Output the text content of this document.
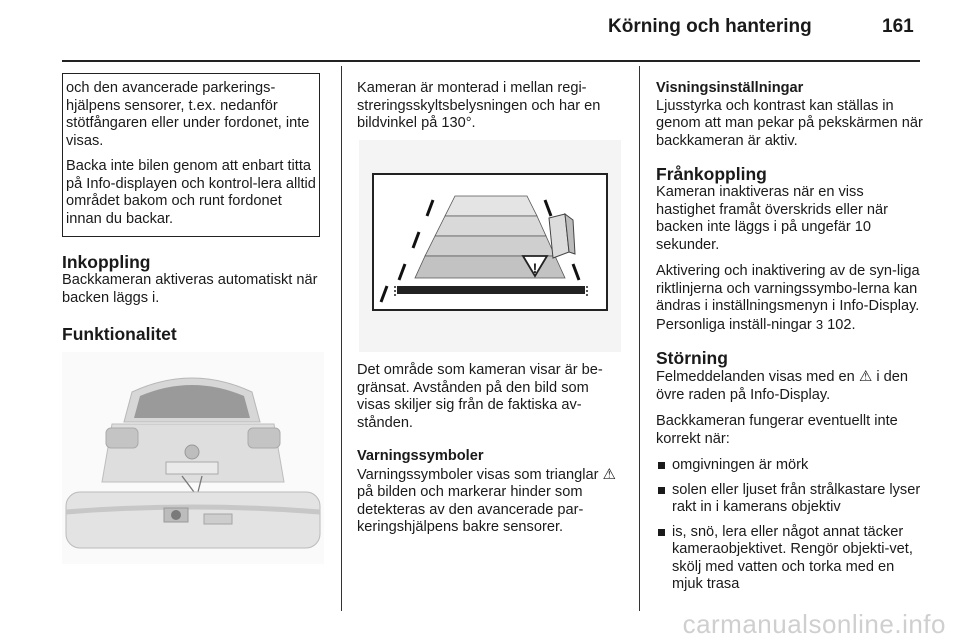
Körning och hantering	161

och den avancerade parkerings-hjälpens sensorer, t.ex. nedanför stötfångaren eller under fordonet, inte visas.

Backa inte bilen genom att enbart titta på Info-displayen och kontrol-lera alltid området bakom och runt fordonet innan du backar.

Inkoppling

Backkameran aktiveras automatiskt när backen läggs i.

Funktionalitet

Kameran är monterad i mellan regi-streringsskyltsbelysningen och har en bildvinkel på 130°.

!

Det område som kameran visar är be-gränsat. Avstånden på den bild som visas skiljer sig från de faktiska av-stånden.

Varningssymboler

Varningssymboler visas som trianglar ⚠ på bilden och markerar hinder som detekteras av den avancerade par-keringshjälpens bakre sensorer.

Visningsinställningar

Ljusstyrka och kontrast kan ställas in genom att man pekar på pekskärmen när backkameran är aktiv.

Frånkoppling

Kameran inaktiveras när en viss hastighet framåt överskrids eller när backen inte läggs i på ungefär 10 sekunder.

Aktivering och inaktivering av de syn-liga riktlinjerna och varningssymbo-lerna kan ändras i inställningsmenyn i Info-Display. Personliga inställ-ningar 3 102.

Störning

Felmeddelanden visas med en ⚠ i den övre raden på Info-Display.

Backkameran fungerar eventuellt inte korrekt när:

omgivningen är mörk
solen eller ljuset från strålkastare lyser rakt in i kamerans objektiv
is, snö, lera eller något annat täcker kameraobjektivet. Rengör objekti-vet, skölj med vatten och torka med en mjuk trasa
carmanualsonline.info
